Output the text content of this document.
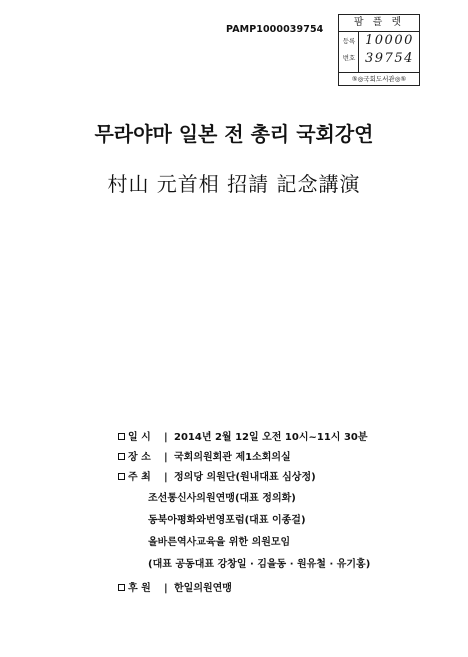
PAMP1000039754
팜 플 렛
등록
번호
10000
39754
⑤◎국회도서관◎⑤
무라야마 일본 전 총리 국회강연
村山 元首相 招請 記念講演
일 시	| 2014년 2월 12일 오전 10시~11시 30분
장 소	| 국회의원회관 제1소회의실
주 최	| 정의당 의원단(원내대표 심상정)
조선통신사의원연맹(대표 정의화)
동북아평화와번영포럼(대표 이종걸)
올바른역사교육을 위한 의원모임
(대표 공동대표 강창일 · 김을동 · 원유철 · 유기홍)
후 원	| 한일의원연맹
